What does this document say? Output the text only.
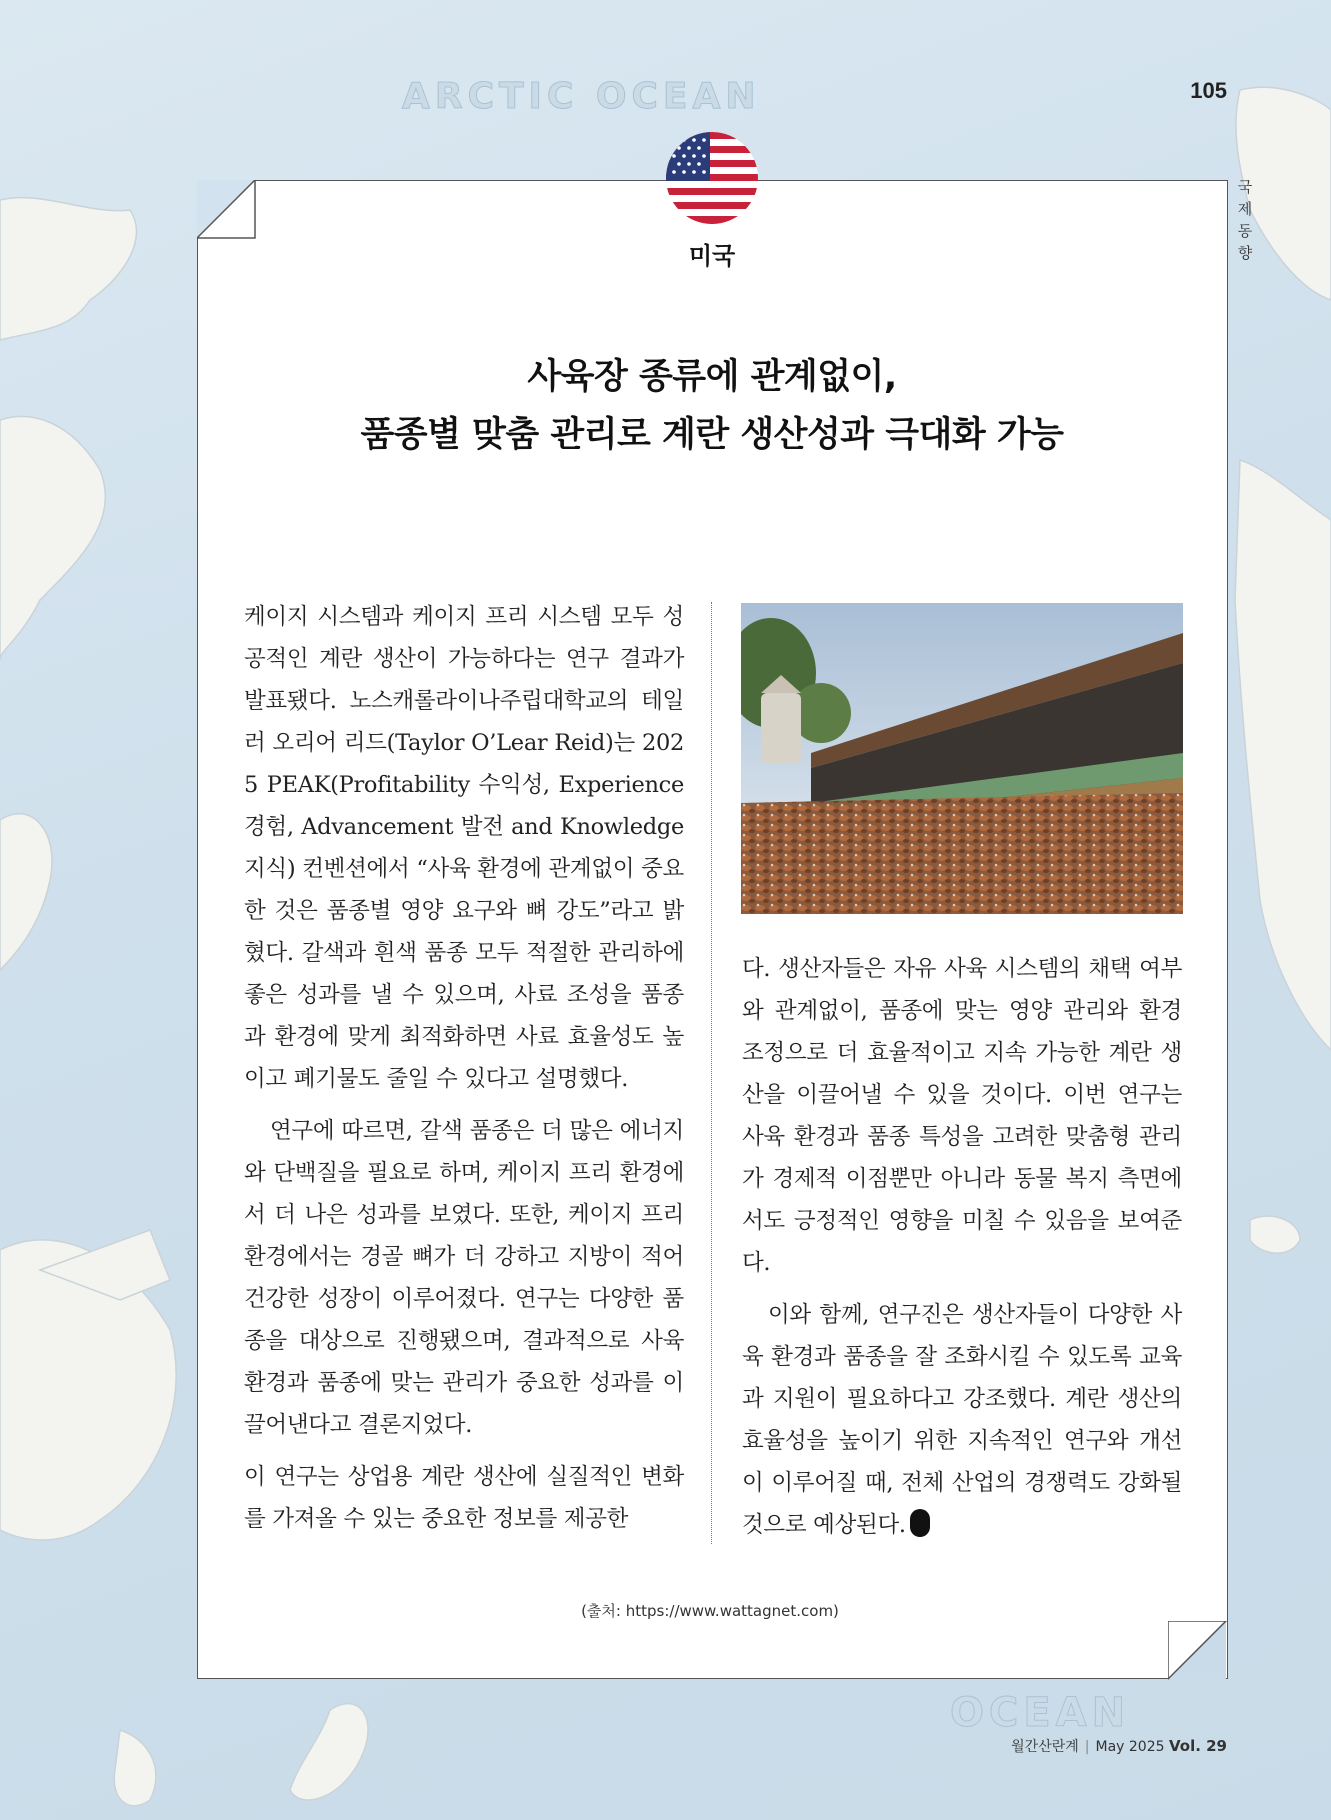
ARCTIC OCEAN
OCEAN
105
국제동향
미국
사육장 종류에 관계없이,
품종별 맞춤 관리로 계란 생산성과 극대화 가능

케이지 시스템과 케이지 프리 시스템 모두 성공적인 계란 생산이 가능하다는 연구 결과가 발표됐다. 노스캐롤라이나주립대학교의 테일러 오리어 리드(Taylor O’Lear Reid)는 2025 PEAK(Profitability 수익성, Experience 경험, Advancement 발전 and Knowledge 지식) 컨벤션에서 “사육 환경에 관계없이 중요한 것은 품종별 영양 요구와 뼈 강도”라고 밝혔다. 갈색과 흰색 품종 모두 적절한 관리하에 좋은 성과를 낼 수 있으며, 사료 조성을 품종과 환경에 맞게 최적화하면 사료 효율성도 높이고 폐기물도 줄일 수 있다고 설명했다.

연구에 따르면, 갈색 품종은 더 많은 에너지와 단백질을 필요로 하며, 케이지 프리 환경에서 더 나은 성과를 보였다. 또한, 케이지 프리 환경에서는 경골 뼈가 더 강하고 지방이 적어 건강한 성장이 이루어졌다. 연구는 다양한 품종을 대상으로 진행됐으며, 결과적으로 사육 환경과 품종에 맞는 관리가 중요한 성과를 이끌어낸다고 결론지었다.

이 연구는 상업용 계란 생산에 실질적인 변화를 가져올 수 있는 중요한 정보를 제공한

다. 생산자들은 자유 사육 시스템의 채택 여부와 관계없이, 품종에 맞는 영양 관리와 환경 조정으로 더 효율적이고 지속 가능한 계란 생산을 이끌어낼 수 있을 것이다. 이번 연구는 사육 환경과 품종 특성을 고려한 맞춤형 관리가 경제적 이점뿐만 아니라 동물 복지 측면에서도 긍정적인 영향을 미칠 수 있음을 보여준다.

이와 함께, 연구진은 생산자들이 다양한 사육 환경과 품종을 잘 조화시킬 수 있도록 교육과 지원이 필요하다고 강조했다. 계란 생산의 효율성을 높이기 위한 지속적인 연구와 개선이 이루어질 때, 전체 산업의 경쟁력도 강화될 것으로 예상된다.

(출처: https://www.wattagnet.com)
월간산란계 | May 2025 Vol. 29
